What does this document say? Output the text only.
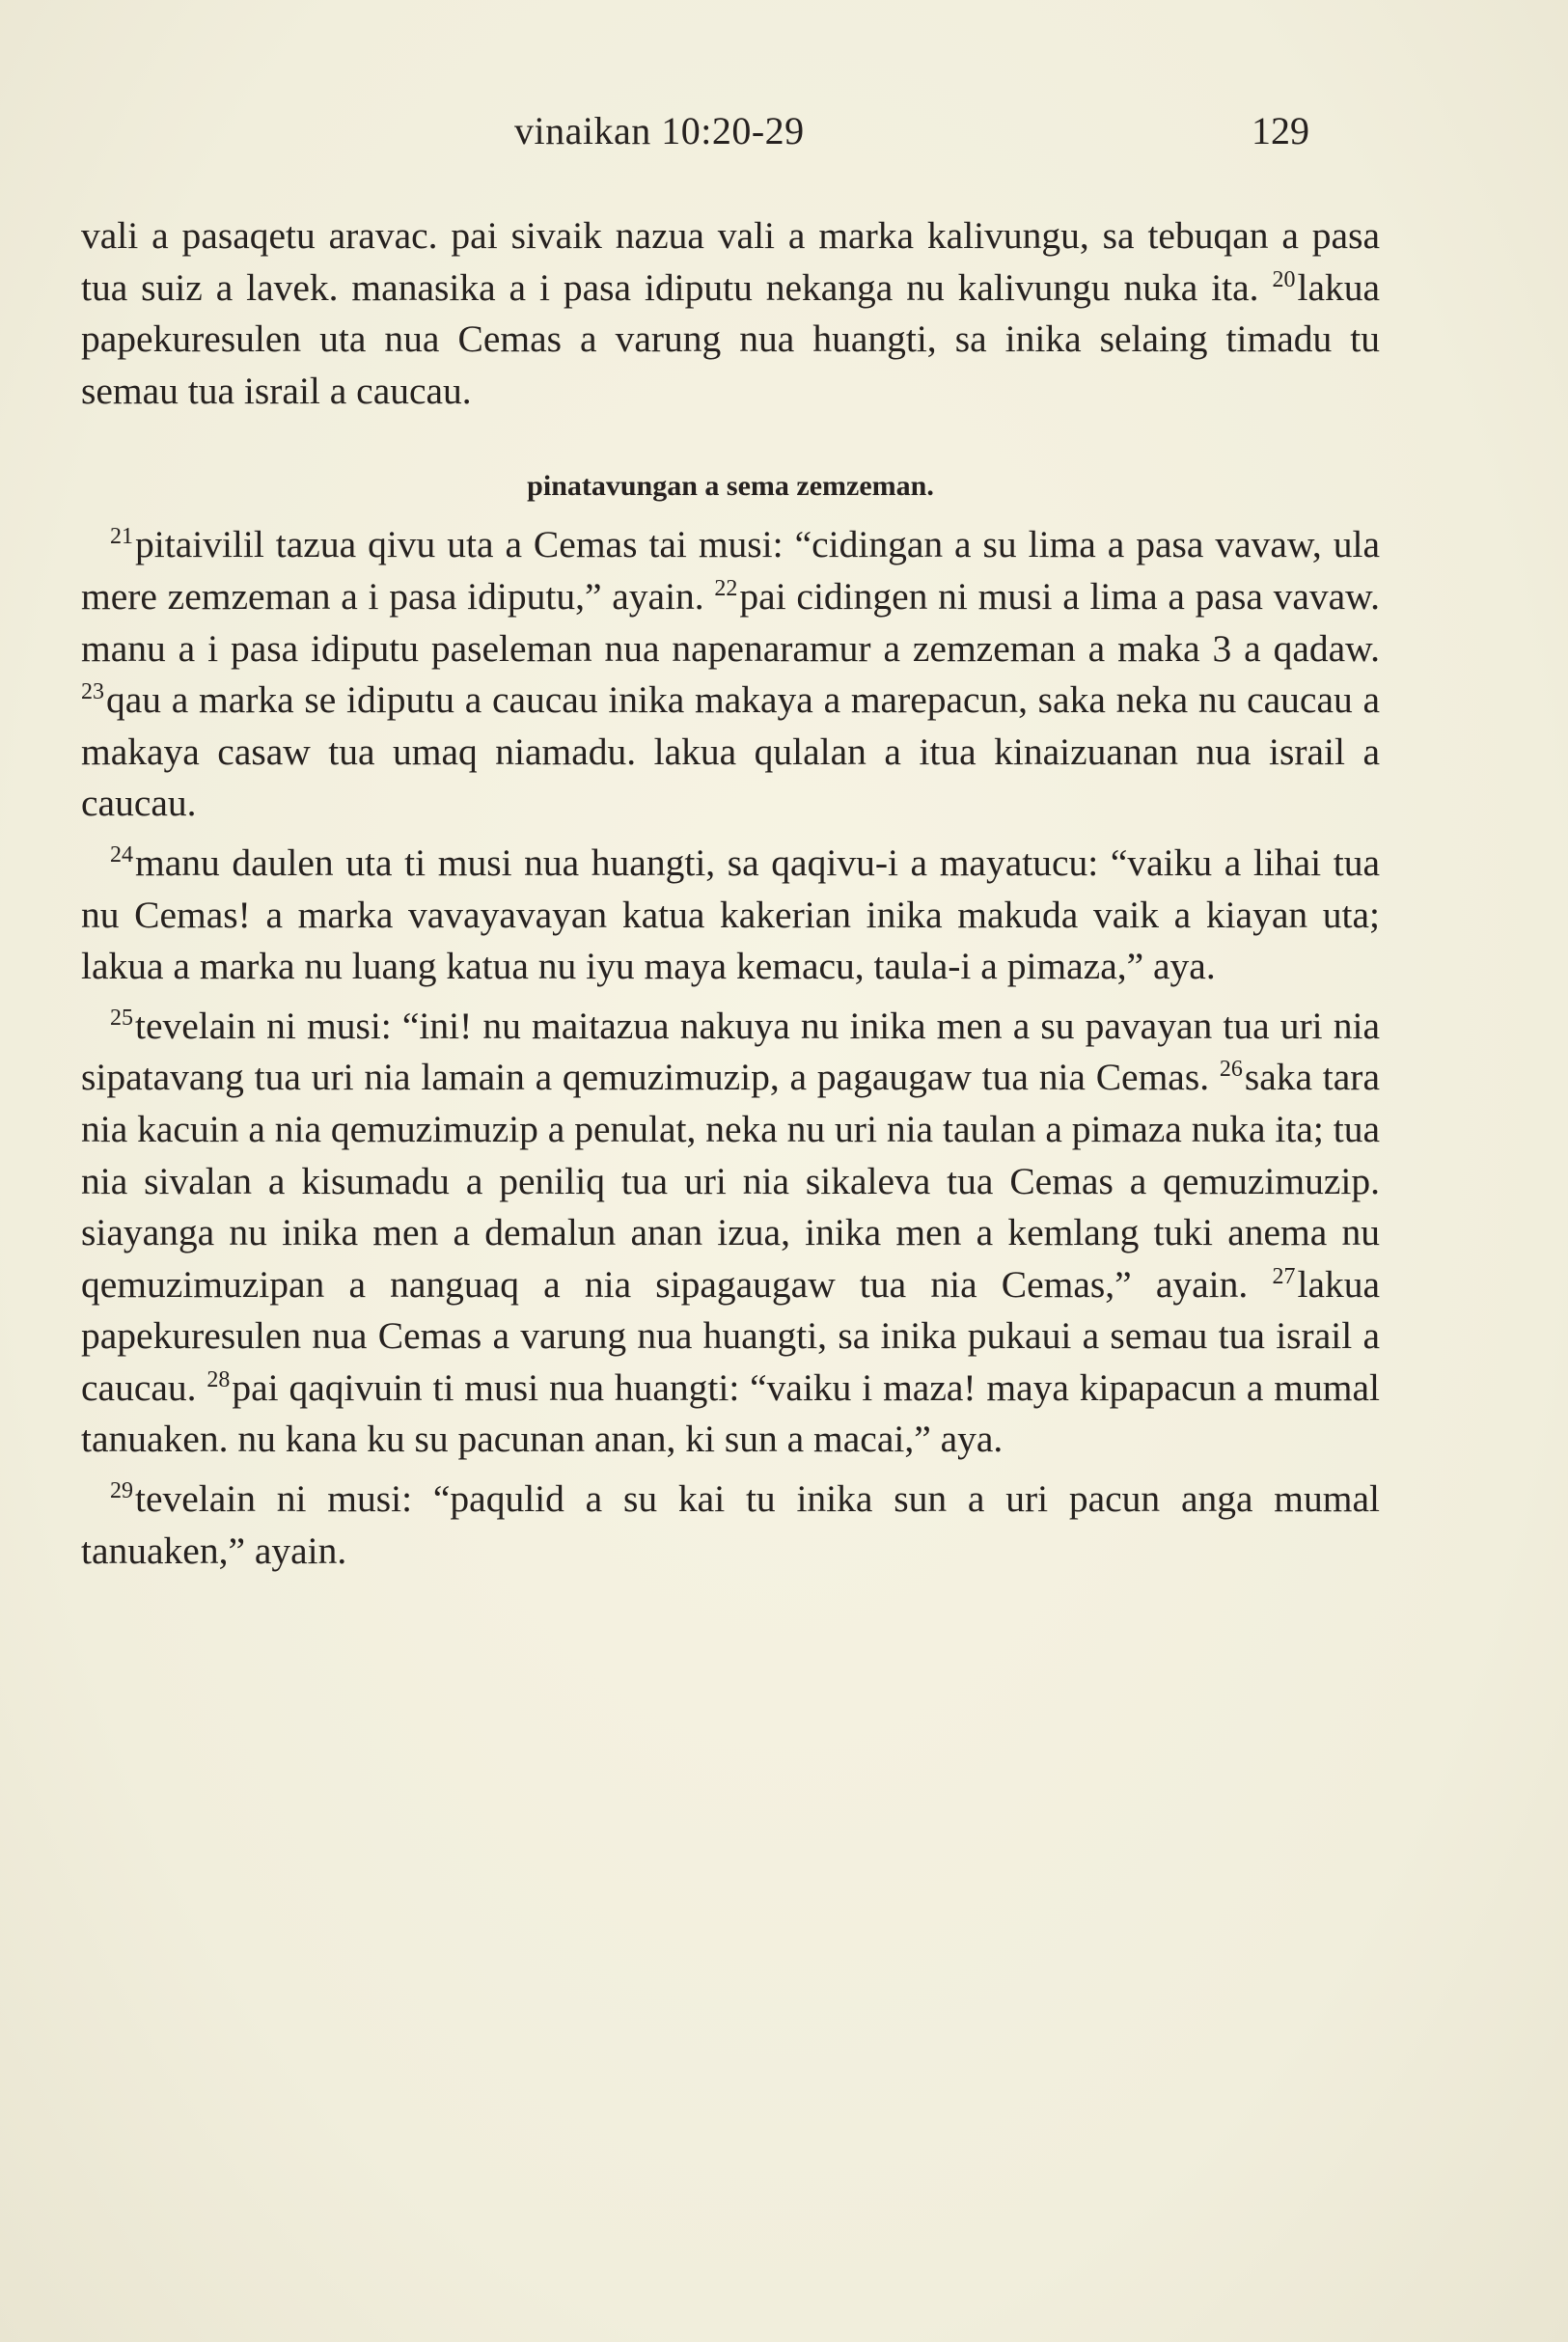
vinaikan 10:20-29	129

vali a pasaqetu aravac. pai sivaik nazua vali a marka kalivungu, sa tebuqan a pasa tua suiz a lavek. manasika a i pasa idiputu nekanga nu kalivungu nuka ita. $^{20}$lakua papekuresulen uta nua Cemas a varung nua huangti, sa inika selaing timadu tu semau tua israil a caucau.

pinatavungan a sema zemzeman.

$^{21}$pitaivilil tazua qivu uta a Cemas tai musi: “cidingan a su lima a pasa vavaw, ula mere zemzeman a i pasa idiputu,” ayain. $^{22}$pai cidingen ni musi a lima a pasa vavaw. manu a i pasa idiputu paseleman nua napenaramur a zemzeman a maka 3 a qadaw. $^{23}$qau a marka se idiputu a caucau inika makaya a marepacun, saka neka nu caucau a makaya casaw tua umaq niamadu. lakua qulalan a itua kinaizuanan nua israil a caucau.

$^{24}$manu daulen uta ti musi nua huangti, sa qaqivu-i a mayatucu: “vaiku a lihai tua nu Cemas! a marka vavayavayan katua kakerian inika makuda vaik a kiayan uta; lakua a marka nu luang katua nu iyu maya kemacu, taula-i a pimaza,” aya.

$^{25}$tevelain ni musi: “ini! nu maitazua nakuya nu inika men a su pavayan tua uri nia sipatavang tua uri nia lamain a qemuzimuzip, a pagaugaw tua nia Cemas. $^{26}$saka tara nia kacuin a nia qemuzimuzip a penulat, neka nu uri nia taulan a pimaza nuka ita; tua nia sivalan a kisumadu a peniliq tua uri nia sikaleva tua Cemas a qemuzimuzip. siayanga nu inika men a demalun anan izua, inika men a kemlang tuki anema nu qemuzimuzipan a nanguaq a nia sipagaugaw tua nia Cemas,” ayain. $^{27}$lakua papekuresulen nua Cemas a varung nua huangti, sa inika pukaui a semau tua israil a caucau. $^{28}$pai qaqivuin ti musi nua huangti: “vaiku i maza! maya kipapacun a mumal tanuaken. nu kana ku su pacunan anan, ki sun a macai,” aya.

$^{29}$tevelain ni musi: “paqulid a su kai tu inika sun a uri pacun anga mumal tanuaken,” ayain.
